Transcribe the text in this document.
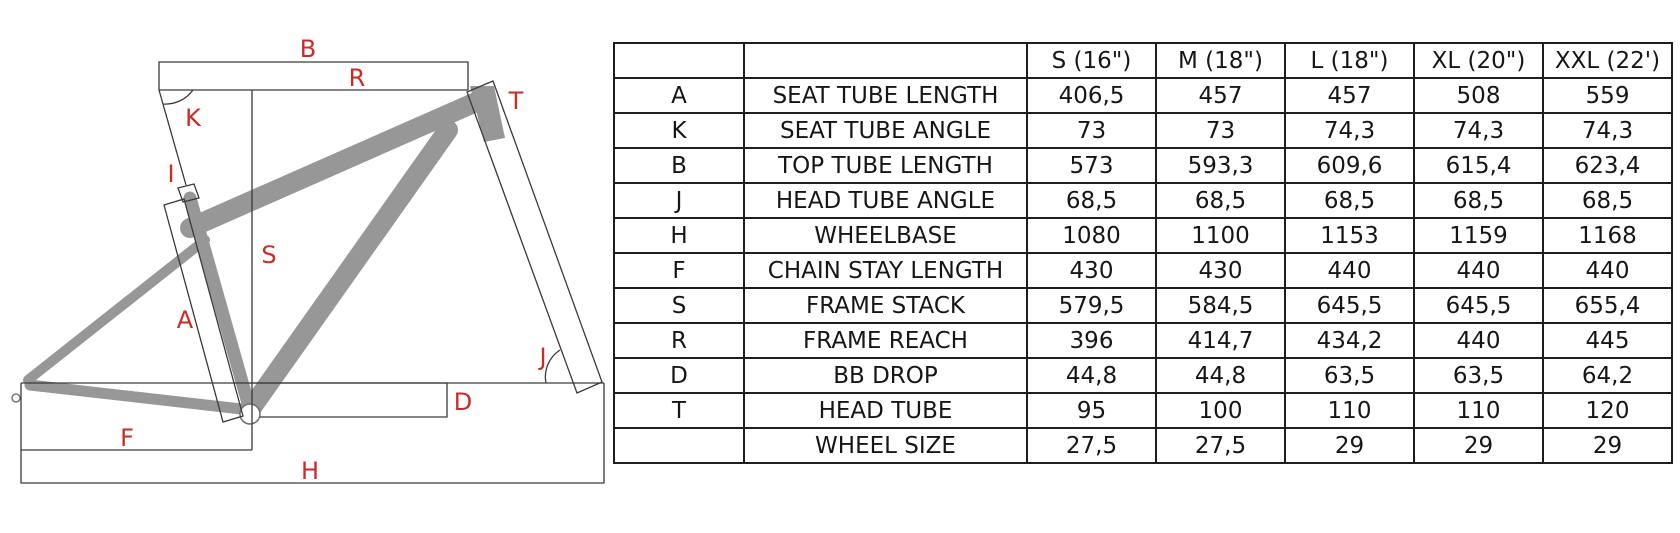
B
R
K
T
I
S
A
J
D
F
H
		S (16")	M (18")	L (18")	XL (20")	XXL (22')
A	SEAT TUBE LENGTH	406,5	457	457	508	559
K	SEAT TUBE ANGLE	73	73	74,3	74,3	74,3
B	TOP TUBE LENGTH	573	593,3	609,6	615,4	623,4
J	HEAD TUBE ANGLE	68,5	68,5	68,5	68,5	68,5
H	WHEELBASE	1080	1100	1153	1159	1168
F	CHAIN STAY LENGTH	430	430	440	440	440
S	FRAME STACK	579,5	584,5	645,5	645,5	655,4
R	FRAME REACH	396	414,7	434,2	440	445
D	BB DROP	44,8	44,8	63,5	63,5	64,2
T	HEAD TUBE	95	100	110	110	120
	WHEEL SIZE	27,5	27,5	29	29	29
